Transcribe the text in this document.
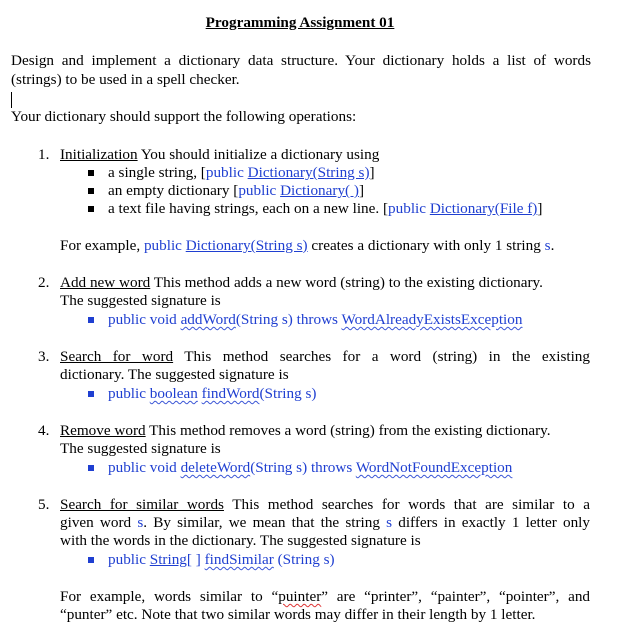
Programming Assignment 01
Design and implement a dictionary data structure. Your dictionary holds a list of words (strings) to be used in a spell checker.
Your dictionary should support the following operations:
1. Initialization You should initialize a dictionary using
a single string, [public Dictionary(String s)]
an empty dictionary [public Dictionary( )]
a text file having strings, each on a new line. [public Dictionary(File f)]
For example, public Dictionary(String s) creates a dictionary with only 1 string s.
2. Add new word This method adds a new word (string) to the existing dictionary.
The suggested signature is
public void addWord(String s) throws WordAlreadyExistsException
3. Search for word This method searches for a word (string) in the existing
dictionary. The suggested signature is
public boolean findWord(String s)
4. Remove word This method removes a word (string) from the existing dictionary.
The suggested signature is
public void deleteWord(String s) throws WordNotFoundException
5. Search for similar words This method searches for words that are similar to a
given word s. By similar, we mean that the string s differs in exactly 1 letter only
with the words in the dictionary. The suggested signature is
public String[ ] findSimilar (String s)
For example, words similar to “puinter” are “printer”, “painter”, “pointer”, and
“punter” etc. Note that two similar words may differ in their length by 1 letter.
